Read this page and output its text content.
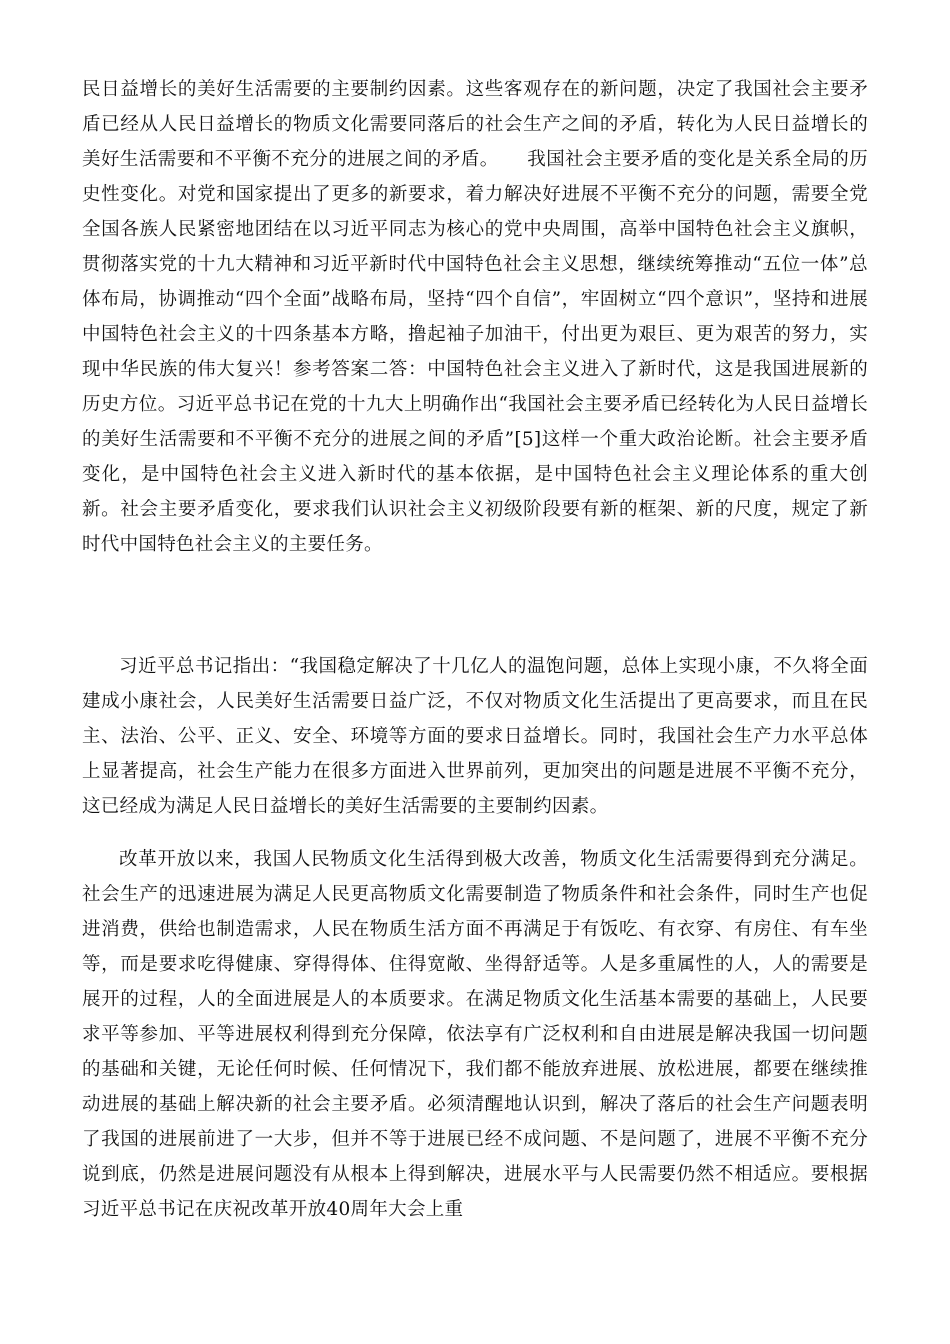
民日益增长的美好生活需要的主要制约因素。这些客观存在的新问题，决定了我国社会主要矛盾已经从人民日益增长的物质文化需要同落后的社会生产之间的矛盾，转化为人民日益增长的美好生活需要和不平衡不充分的进展之间的矛盾。　　我国社会主要矛盾的变化是关系全局的历史性变化。对党和国家提出了更多的新要求，着力解决好进展不平衡不充分的问题，需要全党全国各族人民紧密地团结在以习近平同志为核心的党中央周围，高举中国特色社会主义旗帜，贯彻落实党的十九大精神和习近平新时代中国特色社会主义思想，继续统筹推动“五位一体”总体布局，协调推动“四个全面”战略布局，坚持“四个自信”，牢固树立“四个意识”，坚持和进展中国特色社会主义的十四条基本方略，撸起袖子加油干，付出更为艰巨、更为艰苦的努力，实现中华民族的伟大复兴！参考答案二答：中国特色社会主义进入了新时代，这是我国进展新的历史方位。习近平总书记在党的十九大上明确作出“我国社会主要矛盾已经转化为人民日益增长的美好生活需要和不平衡不充分的进展之间的矛盾”[5]这样一个重大政治论断。社会主要矛盾变化，是中国特色社会主义进入新时代的基本依据，是中国特色社会主义理论体系的重大创新。社会主要矛盾变化，要求我们认识社会主义初级阶段要有新的框架、新的尺度，规定了新时代中国特色社会主义的主要任务。

习近平总书记指出：“我国稳定解决了十几亿人的温饱问题，总体上实现小康，不久将全面建成小康社会，人民美好生活需要日益广泛，不仅对物质文化生活提出了更高要求，而且在民主、法治、公平、正义、安全、环境等方面的要求日益增长。同时，我国社会生产力水平总体上显著提高，社会生产能力在很多方面进入世界前列，更加突出的问题是进展不平衡不充分，这已经成为满足人民日益增长的美好生活需要的主要制约因素。

改革开放以来，我国人民物质文化生活得到极大改善，物质文化生活需要得到充分满足。社会生产的迅速进展为满足人民更高物质文化需要制造了物质条件和社会条件，同时生产也促进消费，供给也制造需求，人民在物质生活方面不再满足于有饭吃、有衣穿、有房住、有车坐等，而是要求吃得健康、穿得得体、住得宽敞、坐得舒适等。人是多重属性的人，人的需要是展开的过程，人的全面进展是人的本质要求。在满足物质文化生活基本需要的基础上，人民要求平等参加、平等进展权利得到充分保障，依法享有广泛权利和自由进展是解决我国一切问题的基础和关键，无论任何时候、任何情况下，我们都不能放弃进展、放松进展，都要在继续推动进展的基础上解决新的社会主要矛盾。必须清醒地认识到，解决了落后的社会生产问题表明了我国的进展前进了一大步，但并不等于进展已经不成问题、不是问题了，进展不平衡不充分说到底，仍然是进展问题没有从根本上得到解决，进展水平与人民需要仍然不相适应。要根据习近平总书记在庆祝改革开放40周年大会上重
